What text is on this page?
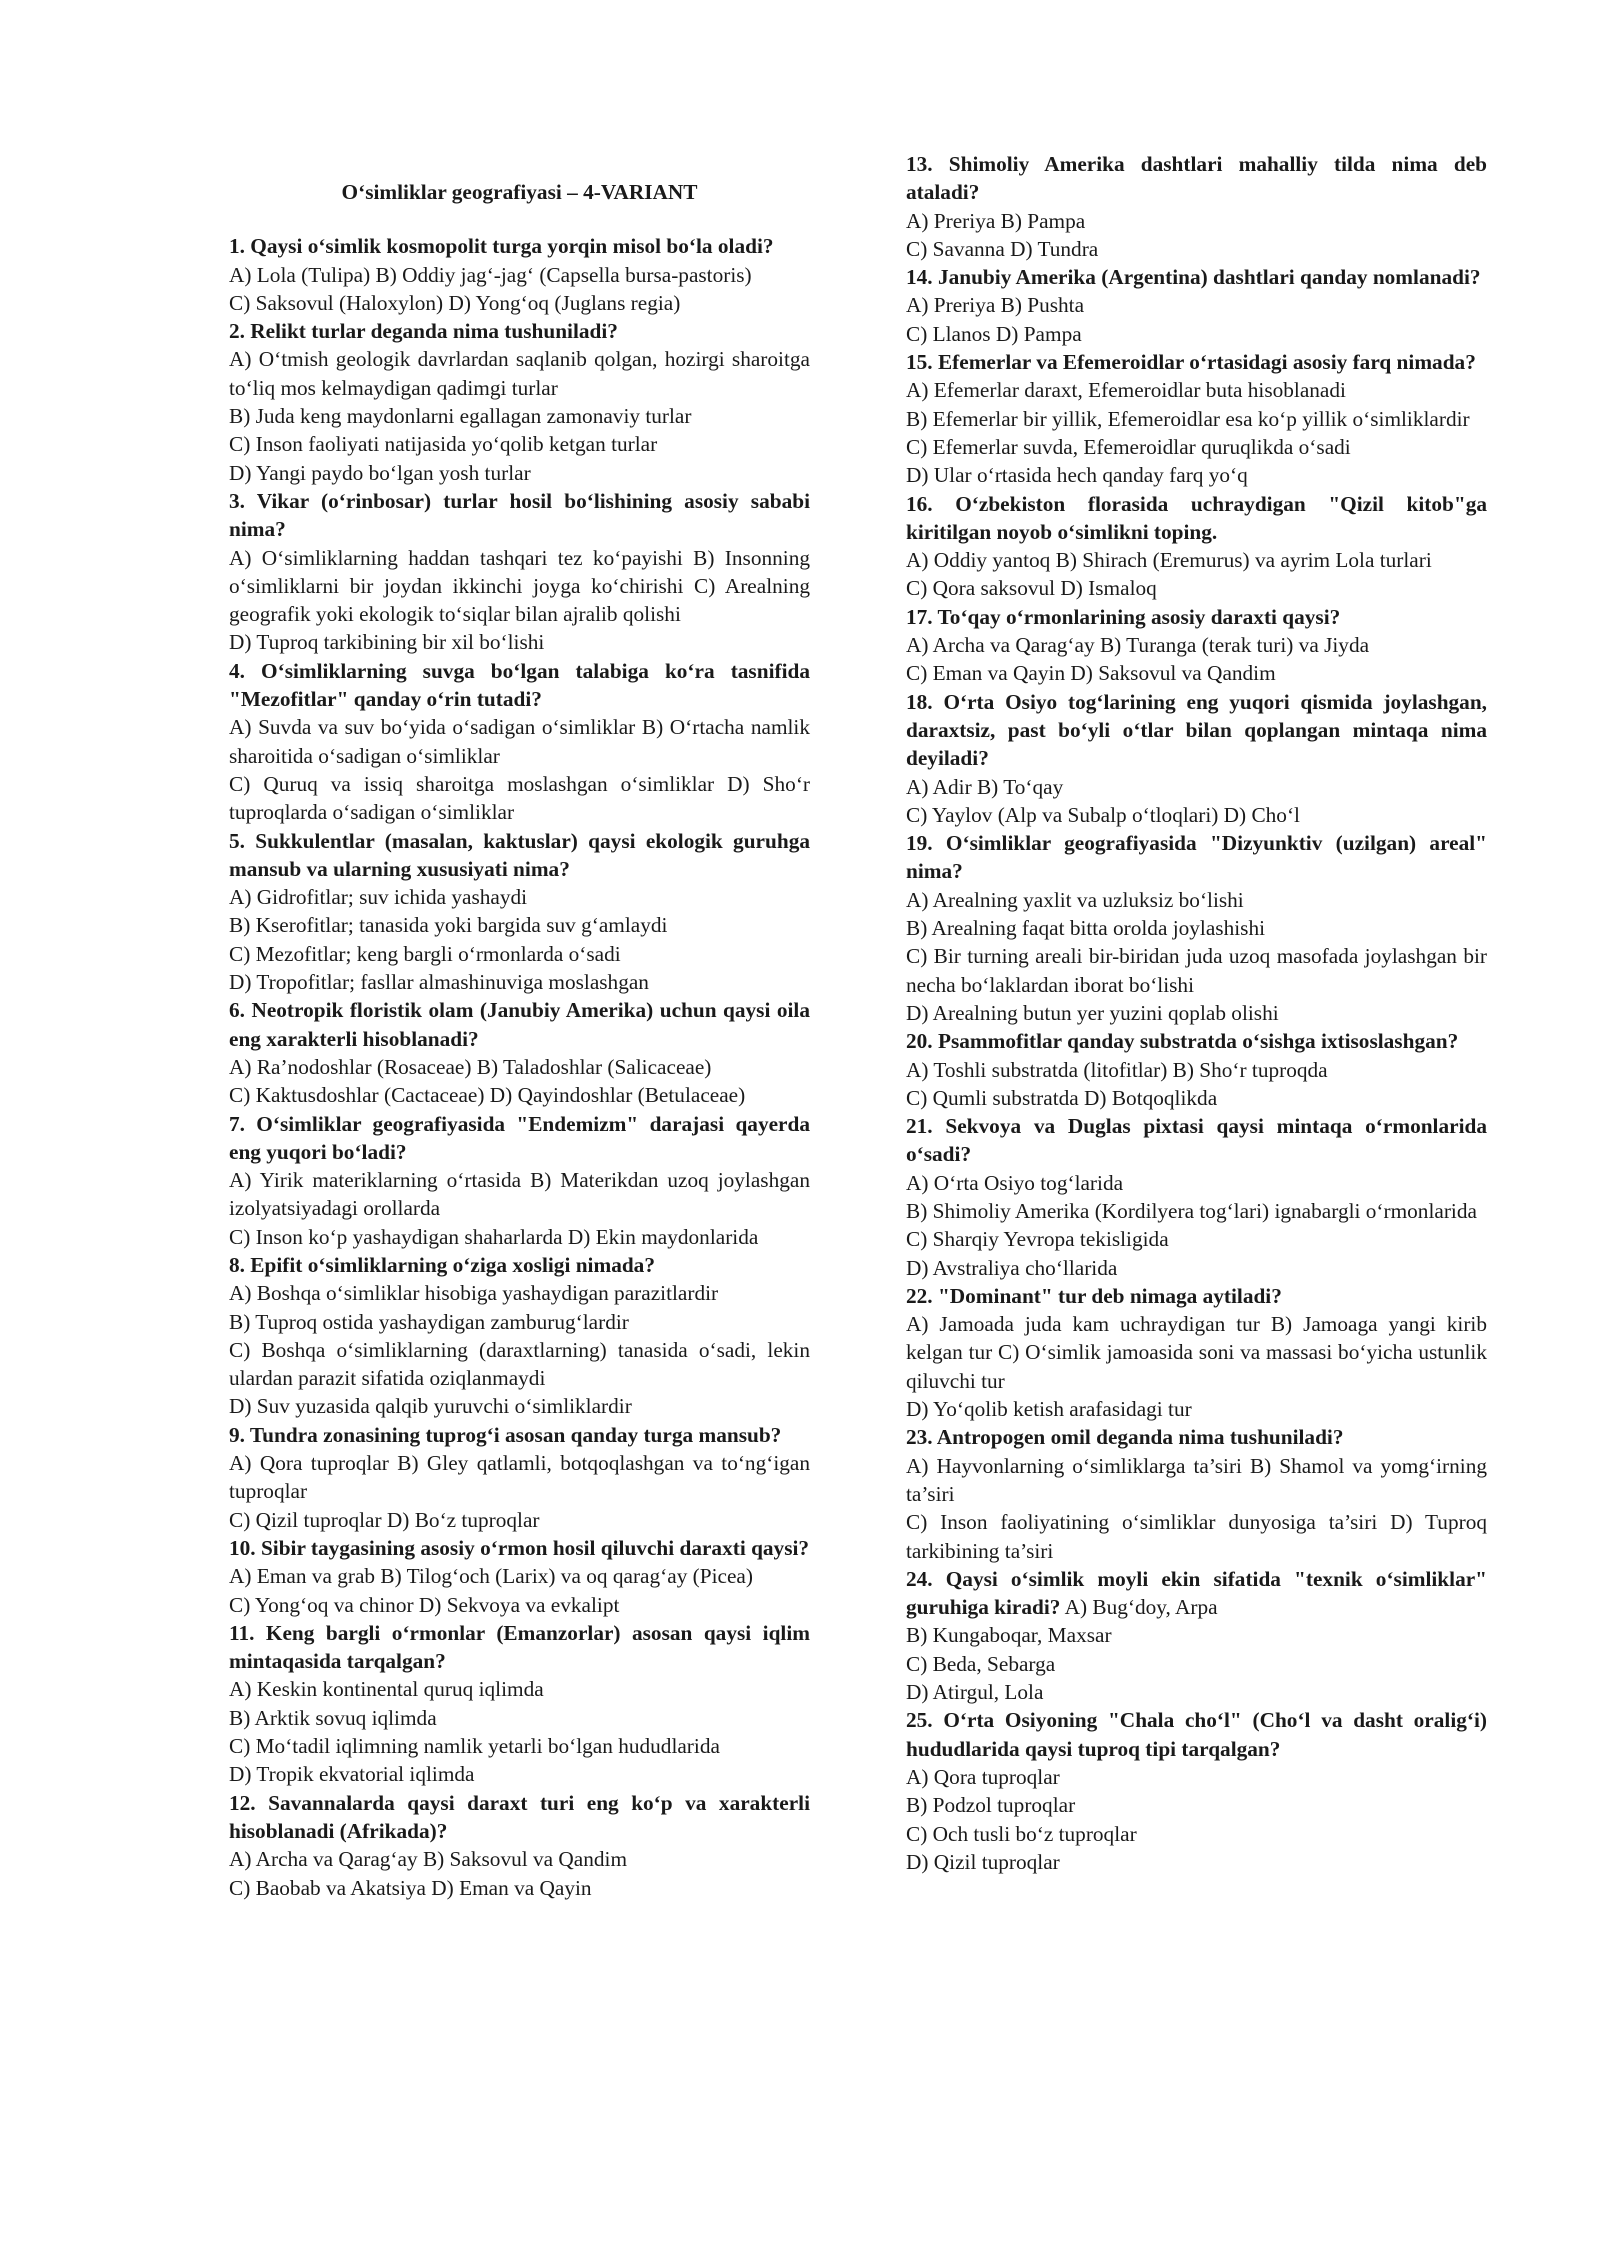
O‘simliklar geografiyasi – 4-VARIANT

1. Qaysi o‘simlik kosmopolit turga yorqin misol bo‘la oladi?

A) Lola (Tulipa) B) Oddiy jag‘-jag‘ (Capsella bursa-pastoris)

C) Saksovul (Haloxylon) D) Yong‘oq (Juglans regia)

2. Relikt turlar deganda nima tushuniladi?

A) O‘tmish geologik davrlardan saqlanib qolgan, hozirgi sharoitga to‘liq mos kelmaydigan qadimgi turlar

B) Juda keng maydonlarni egallagan zamonaviy turlar

C) Inson faoliyati natijasida yo‘qolib ketgan turlar

D) Yangi paydo bo‘lgan yosh turlar

3. Vikar (o‘rinbosar) turlar hosil bo‘lishining asosiy sababi nima?

A) O‘simliklarning haddan tashqari tez ko‘payishi B) Insonning o‘simliklarni bir joydan ikkinchi joyga ko‘chirishi C) Arealning geografik yoki ekologik to‘siqlar bilan ajralib qolishi

D) Tuproq tarkibining bir xil bo‘lishi

4. O‘simliklarning suvga bo‘lgan talabiga ko‘ra tasnifida "Mezofitlar" qanday o‘rin tutadi?

A) Suvda va suv bo‘yida o‘sadigan o‘simliklar B) O‘rtacha namlik sharoitida o‘sadigan o‘simliklar

C) Quruq va issiq sharoitga moslashgan o‘simliklar D) Sho‘r tuproqlarda o‘sadigan o‘simliklar

5. Sukkulentlar (masalan, kaktuslar) qaysi ekologik guruhga mansub va ularning xususiyati nima?

A) Gidrofitlar; suv ichida yashaydi

B) Kserofitlar; tanasida yoki bargida suv g‘amlaydi

C) Mezofitlar; keng bargli o‘rmonlarda o‘sadi

D) Tropofitlar; fasllar almashinuviga moslashgan

6. Neotropik floristik olam (Janubiy Amerika) uchun qaysi oila eng xarakterli hisoblanadi?

A) Ra’nodoshlar (Rosaceae) B) Taladoshlar (Salicaceae)

C) Kaktusdoshlar (Cactaceae) D) Qayindoshlar (Betulaceae)

7. O‘simliklar geografiyasida "Endemizm" darajasi qayerda eng yuqori bo‘ladi?

A) Yirik materiklarning o‘rtasida B) Materikdan uzoq joylashgan izolyatsiyadagi orollarda

C) Inson ko‘p yashaydigan shaharlarda D) Ekin maydonlarida

8. Epifit o‘simliklarning o‘ziga xosligi nimada?

A) Boshqa o‘simliklar hisobiga yashaydigan parazitlardir

B) Tuproq ostida yashaydigan zamburug‘lardir

C) Boshqa o‘simliklarning (daraxtlarning) tanasida o‘sadi, lekin ulardan parazit sifatida oziqlanmaydi

D) Suv yuzasida qalqib yuruvchi o‘simliklardir

9. Tundra zonasining tuprog‘i asosan qanday turga mansub?

A) Qora tuproqlar B) Gley qatlamli, botqoqlashgan va to‘ng‘igan tuproqlar

C) Qizil tuproqlar D) Bo‘z tuproqlar

10. Sibir taygasining asosiy o‘rmon hosil qiluvchi daraxti qaysi?

A) Eman va grab B) Tilog‘och (Larix) va oq qarag‘ay (Picea)

C) Yong‘oq va chinor D) Sekvoya va evkalipt

11. Keng bargli o‘rmonlar (Emanzorlar) asosan qaysi iqlim mintaqasida tarqalgan?

A) Keskin kontinental quruq iqlimda

B) Arktik sovuq iqlimda

C) Mo‘tadil iqlimning namlik yetarli bo‘lgan hududlarida

D) Tropik ekvatorial iqlimda

12. Savannalarda qaysi daraxt turi eng ko‘p va xarakterli hisoblanadi (Afrikada)?

A) Archa va Qarag‘ay B) Saksovul va Qandim

C) Baobab va Akatsiya D) Eman va Qayin

13. Shimoliy Amerika dashtlari mahalliy tilda nima deb ataladi?

A) Preriya B) Pampa

C) Savanna D) Tundra

14. Janubiy Amerika (Argentina) dashtlari qanday nomlanadi?

A) Preriya B) Pushta

C) Llanos D) Pampa

15. Efemerlar va Efemeroidlar o‘rtasidagi asosiy farq nimada?

A) Efemerlar daraxt, Efemeroidlar buta hisoblanadi

B) Efemerlar bir yillik, Efemeroidlar esa ko‘p yillik o‘simliklardir

C) Efemerlar suvda, Efemeroidlar quruqlikda o‘sadi

D) Ular o‘rtasida hech qanday farq yo‘q

16. O‘zbekiston florasida uchraydigan "Qizil kitob"ga kiritilgan noyob o‘simlikni toping.

A) Oddiy yantoq B) Shirach (Eremurus) va ayrim Lola turlari

C) Qora saksovul D) Ismaloq

17. To‘qay o‘rmonlarining asosiy daraxti qaysi?

A) Archa va Qarag‘ay B) Turanga (terak turi) va Jiyda

C) Eman va Qayin D) Saksovul va Qandim

18. O‘rta Osiyo tog‘larining eng yuqori qismida joylashgan, daraxtsiz, past bo‘yli o‘tlar bilan qoplangan mintaqa nima deyiladi?

A) Adir B) To‘qay

C) Yaylov (Alp va Subalp o‘tloqlari) D) Cho‘l

19. O‘simliklar geografiyasida "Dizyunktiv (uzilgan) areal" nima?

A) Arealning yaxlit va uzluksiz bo‘lishi

B) Arealning faqat bitta orolda joylashishi

C) Bir turning areali bir-biridan juda uzoq masofada joylashgan bir necha bo‘laklardan iborat bo‘lishi

D) Arealning butun yer yuzini qoplab olishi

20. Psammofitlar qanday substratda o‘sishga ixtisoslashgan?

A) Toshli substratda (litofitlar) B) Sho‘r tuproqda

C) Qumli substratda D) Botqoqlikda

21. Sekvoya va Duglas pixtasi qaysi mintaqa o‘rmonlarida o‘sadi?

A) O‘rta Osiyo tog‘larida

B) Shimoliy Amerika (Kordilyera tog‘lari) ignabargli o‘rmonlarida

C) Sharqiy Yevropa tekisligida

D) Avstraliya cho‘llarida

22. "Dominant" tur deb nimaga aytiladi?

A) Jamoada juda kam uchraydigan tur B) Jamoaga yangi kirib kelgan tur C) O‘simlik jamoasida soni va massasi bo‘yicha ustunlik qiluvchi tur

D) Yo‘qolib ketish arafasidagi tur

23. Antropogen omil deganda nima tushuniladi?

A) Hayvonlarning o‘simliklarga ta’siri B) Shamol va yomg‘irning ta’siri

C) Inson faoliyatining o‘simliklar dunyosiga ta’siri D) Tuproq tarkibining ta’siri

24. Qaysi o‘simlik moyli ekin sifatida "texnik o‘simliklar" guruhiga kiradi? A) Bug‘doy, Arpa

B) Kungaboqar, Maxsar

C) Beda, Sebarga

D) Atirgul, Lola

25. O‘rta Osiyoning "Chala cho‘l" (Cho‘l va dasht oralig‘i) hududlarida qaysi tuproq tipi tarqalgan?

A) Qora tuproqlar

B) Podzol tuproqlar

C) Och tusli bo‘z tuproqlar

D) Qizil tuproqlar
